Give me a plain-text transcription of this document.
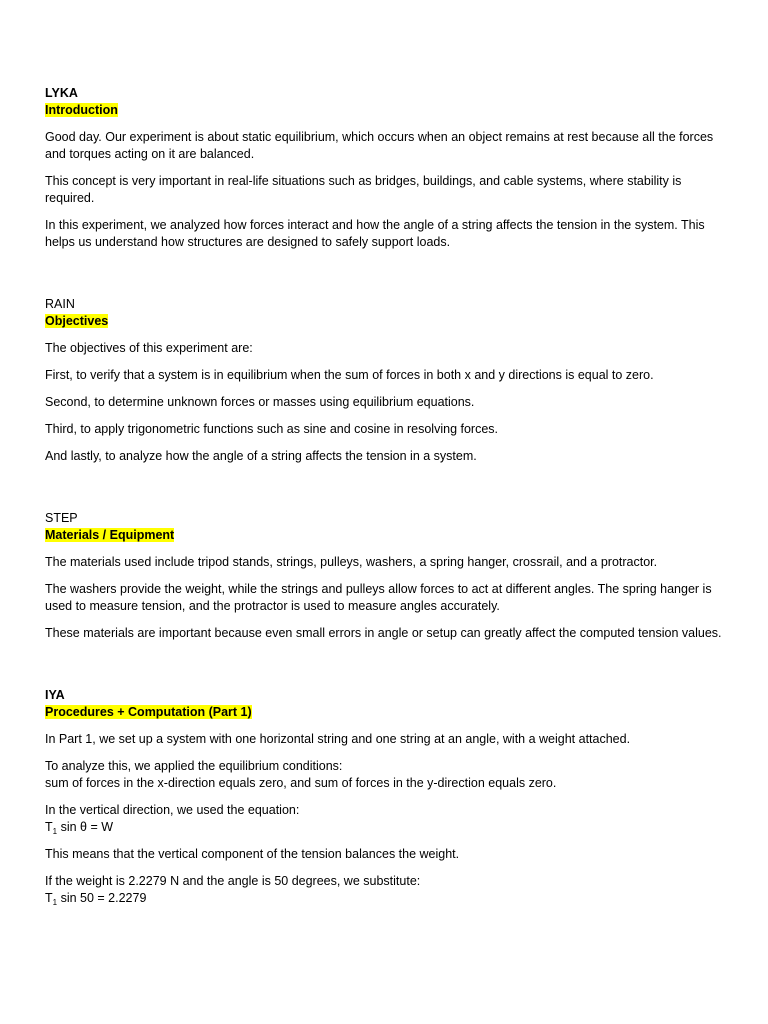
LYKA
Introduction

Good day. Our experiment is about static equilibrium, which occurs when an object remains at rest because all the forces and torques acting on it are balanced.

This concept is very important in real-life situations such as bridges, buildings, and cable systems, where stability is required.

In this experiment, we analyzed how forces interact and how the angle of a string affects the tension in the system. This helps us understand how structures are designed to safely support loads.

RAIN
Objectives

The objectives of this experiment are:

First, to verify that a system is in equilibrium when the sum of forces in both x and y directions is equal to zero.

Second, to determine unknown forces or masses using equilibrium equations.

Third, to apply trigonometric functions such as sine and cosine in resolving forces.

And lastly, to analyze how the angle of a string affects the tension in a system.

STEP
Materials / Equipment

The materials used include tripod stands, strings, pulleys, washers, a spring hanger, crossrail, and a protractor.

The washers provide the weight, while the strings and pulleys allow forces to act at different angles. The spring hanger is used to measure tension, and the protractor is used to measure angles accurately.

These materials are important because even small errors in angle or setup can greatly affect the computed tension values.

IYA
Procedures + Computation (Part 1)

In Part 1, we set up a system with one horizontal string and one string at an angle, with a weight attached.

To analyze this, we applied the equilibrium conditions:
sum of forces in the x-direction equals zero, and sum of forces in the y-direction equals zero.

In the vertical direction, we used the equation:
$T_1$ sin θ = W

This means that the vertical component of the tension balances the weight.

If the weight is 2.2279 N and the angle is 50 degrees, we substitute:
$T_1$ sin 50 = 2.2279
